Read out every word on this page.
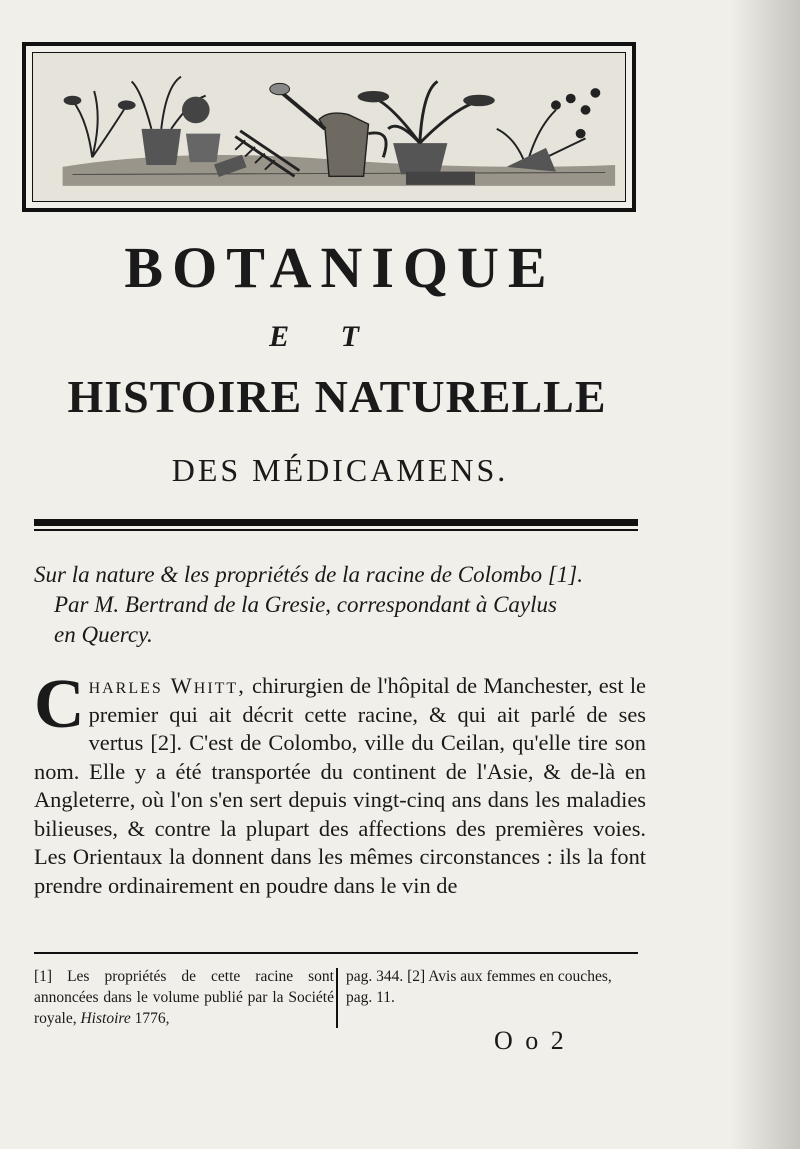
BOTANIQUE
E T
HISTOIRE NATURELLE
DES MÉDICAMENS.

Sur la nature & les propriétés de la racine de Colombo [1].

Par M. Bertrand de la Gresie, correspondant à Caylus

en Quercy.

Charles Whitt, chirurgien de l'hôpital de Manchester, est le premier qui ait décrit cette racine, & qui ait parlé de ses vertus [2]. C'est de Colombo, ville du Ceilan, qu'elle tire son nom. Elle y a été transportée du continent de l'Asie, & de-là en Angleterre, où l'on s'en sert depuis vingt-cinq ans dans les maladies bilieuses, & contre la plupart des affections des premières voies. Les Orientaux la donnent dans les mêmes circonstances : ils la font prendre ordinairement en poudre dans le vin de
[1] Les propriétés de cette racine sont annoncées dans le volume publié par la Société royale, Histoire 1776,
pag. 344. [2] Avis aux femmes en couches, pag. 11.
O o 2
